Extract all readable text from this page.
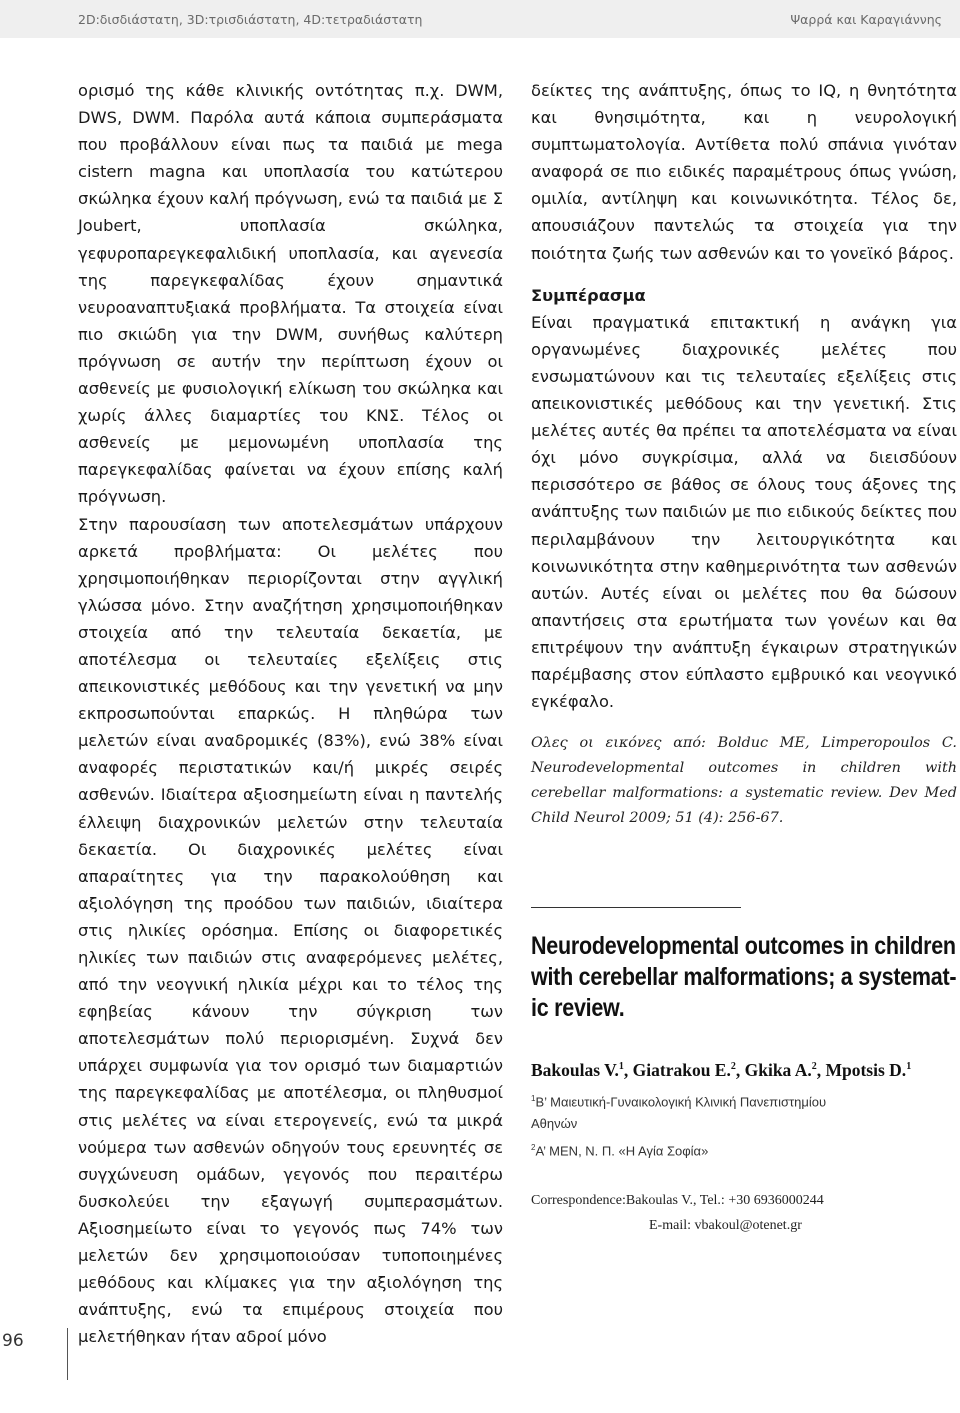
2D:δισδιάστατη, 3D:τρισδιάστατη, 4D:τετραδιάστατη	Ψαρρά και Καραγιάννης

ορισμό της κάθε κλινικής οντότητας π.χ. DWM, DWS, DWM. Παρόλα αυτά κάποια συμπεράσματα που προβάλλουν είναι πως τα παιδιά με mega cistern magna και υποπλασία του κατώτερου σκώληκα έχουν καλή πρόγνωση, ενώ τα παιδιά με Σ Joubert, υποπλασία σκώληκα, γεφυροπαρεγκεφαλιδική υποπλασία, και αγενεσία της παρεγκεφαλίδας έχουν σημαντικά νευροαναπτυξιακά προβλήματα. Τα στοιχεία είναι πιο σκιώδη για την DWM, συνήθως καλύτερη πρόγνωση σε αυτήν την περίπτωση έχουν οι ασθενείς με φυσιολογική ελίκωση του σκώληκα και χωρίς άλλες διαμαρτίες του ΚΝΣ. Τέλος οι ασθενείς με μεμονωμένη υποπλασία της παρεγκεφαλίδας φαίνεται να έχουν επίσης καλή πρόγνωση.

Στην παρουσίαση των αποτελεσμάτων υπάρχουν αρκετά προβλήματα: Οι μελέτες που χρησιμοποιήθηκαν περιορίζονται στην αγγλική γλώσσα μόνο. Στην αναζήτηση χρησιμοποιήθηκαν στοιχεία από την τελευταία δεκαετία, με αποτέλεσμα οι τελευταίες εξελίξεις στις απεικονιστικές μεθόδους και την γενετική να μην εκπροσωπούνται επαρκώς. Η πληθώρα των μελετών είναι αναδρομικές (83%), ενώ 38% είναι αναφορές περιστατικών και/ή μικρές σειρές ασθενών. Ιδιαίτερα αξιοσημείωτη είναι η παντελής έλλειψη διαχρονικών μελετών στην τελευταία δεκαετία. Οι διαχρονικές μελέτες είναι απαραίτητες για την παρακολούθηση και αξιολόγηση της προόδου των παιδιών, ιδιαίτερα στις ηλικίες ορόσημα. Επίσης οι διαφορετικές ηλικίες των παιδιών στις αναφερόμενες μελέτες, από την νεογνική ηλικία μέχρι και το τέλος της εφηβείας κάνουν την σύγκριση των αποτελεσμάτων πολύ περιορισμένη. Συχνά δεν υπάρχει συμφωνία για τον ορισμό των διαμαρτιών της παρεγκεφαλίδας με αποτέλεσμα, οι πληθυσμοί στις μελέτες να είναι ετερογενείς, ενώ τα μικρά νούμερα των ασθενών οδηγούν τους ερευνητές σε συγχώνευση ομάδων, γεγονός που περαιτέρω δυσκολεύει την εξαγωγή συμπερασμάτων. Αξιοσημείωτο είναι το γεγονός πως 74% των μελετών δεν χρησιμοποιούσαν τυποποιημένες μεθόδους και κλίμακες για την αξιολόγηση της ανάπτυξης, ενώ τα επιμέρους στοιχεία που μελετήθηκαν ήταν αδροί μόνο

δείκτες της ανάπτυξης, όπως το IQ, η θνητότητα και θνησιμότητα, και η νευρολογική συμπτωματολογία. Αντίθετα πολύ σπάνια γινόταν αναφορά σε πιο ειδικές παραμέτρους όπως γνώση, ομιλία, αντίληψη και κοινωνικότητα. Τέλος δε, απουσιάζουν παντελώς τα στοιχεία για την ποιότητα ζωής των ασθενών και το γονεϊκό βάρος.

Συμπέρασμα

Είναι πραγματικά επιτακτική η ανάγκη για οργανωμένες διαχρονικές μελέτες που ενσωματώνουν και τις τελευταίες εξελίξεις στις απεικονιστικές μεθόδους και την γενετική. Στις μελέτες αυτές θα πρέπει τα αποτελέσματα να είναι όχι μόνο συγκρίσιμα, αλλά να διεισδύουν περισσότερο σε βάθος σε όλους τους άξονες της ανάπτυξης των παιδιών με πιο ειδικούς δείκτες που περιλαμβάνουν την λειτουργικότητα και κοινωνικότητα στην καθημερινότητα των ασθενών αυτών. Αυτές είναι οι μελέτες που θα δώσουν απαντήσεις στα ερωτήματα των γονέων και θα επιτρέψουν την ανάπτυξη έγκαιρων στρατηγικών παρέμβασης στον εύπλαστο εμβρυικό και νεογνικό εγκέφαλο.

Ολες οι εικόνες από: Bolduc ME, Limperopoulos C. Neurodevelopmental outcomes in children with cerebellar malformations: a systematic review. Dev Med Child Neurol 2009; 51 (4): 256-67.

Neurodevelopmental outcomes in children

with cerebellar malformations; a systemat-

ic review.

Bakoulas V.$^1$, Giatrakou E.$^2$, Gkika A.$^2$, Mpotsis D.$^1$
$^1$Β’ Μαιευτική-Γυναικολογική Κλινική Πανεπιστημίου
Αθηνών
$^2$Α’ ΜΕΝ, Ν. Π. «Η Αγία Σοφία»
Correspondence:Bakoulas V., Tel.: +30 6936000244
E-mail: vbakoul@otenet.gr
96
